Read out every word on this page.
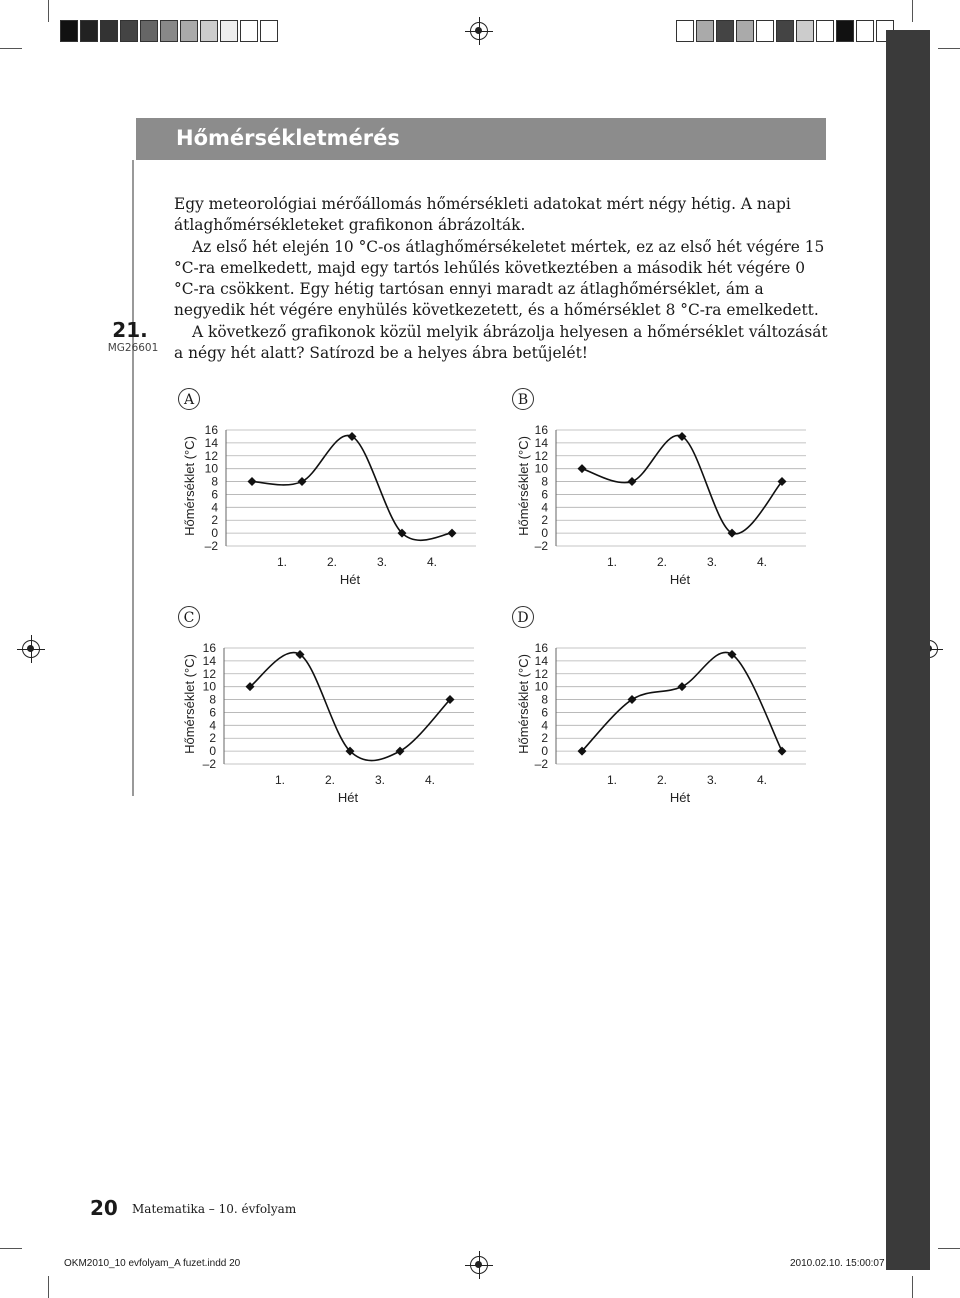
Hőmérsékletmérés
21.
MG26601

Egy meteorológiai mérőállomás hőmérsékleti adatokat mért négy hétig. A napi átlaghőmérsékleteket grafikonon ábrázolták.

Az első hét elején 10 °C-os átlaghőmérsékeletet mértek, ez az első hét végére 15 °C-ra emelkedett, majd egy tartós lehűlés következtében a második hét végére 0 °C-ra csökkent. Egy hétig tartósan ennyi maradt az átlaghőmérséklet, ám a negyedik hét végére enyhülés következetett, és a hőmérséklet 8 °C-ra emelkedett.

A következő grafikonok közül melyik ábrázolja helyesen a hőmérséklet változását a négy hét alatt? Satírozd be a helyes ábra betűjelét!

16
14
12
10
8
6
4
2
0
–2
1.	2.	3.	4.
Hét
Hőmérséklet (°C)
A
16
14
12
10
8
6
4
2
0
–2
1.	2.	3.	4.
Hét
Hőmérséklet (°C)
B
16
14
12
10
8
6
4
2
0
–2
1.	2.	3.	4.
Hét
Hőmérséklet (°C)
C
16
14
12
10
8
6
4
2
0
–2
1.	2.	3.	4.
Hét
Hőmérséklet (°C)
D
20 Matematika – 10. évfolyam
OKM2010_10 evfolyam_A fuzet.indd 20	2010.02.10. 15:00:07
